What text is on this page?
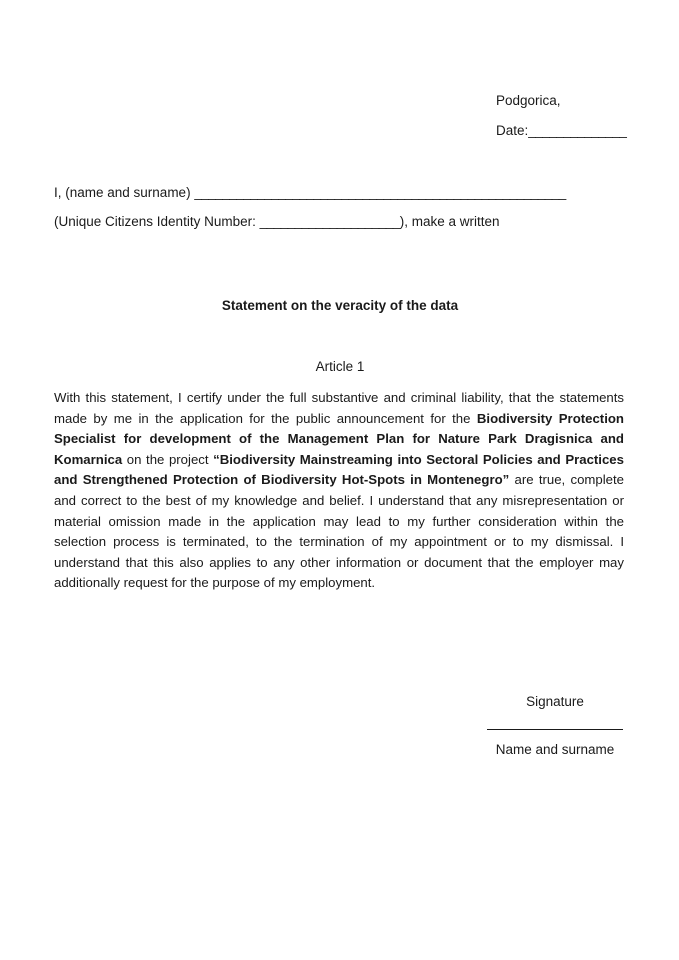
Podgorica,
Date:______________
I, (name and surname) _____________________________________________________
(Unique Citizens Identity Number: ____________________), make a written
Statement on the veracity of the data
Article 1
With this statement, I certify under the full substantive and criminal liability, that the statements made by me in the application for the public announcement for the Biodiversity Protection Specialist for development of the Management Plan for Nature Park Dragisnica and Komarnica on the project “Biodiversity Mainstreaming into Sectoral Policies and Practices and Strengthened Protection of Biodiversity Hot-Spots in Montenegro” are true, complete and correct to the best of my knowledge and belief. I understand that any misrepresentation or material omission made in the application may lead to my further consideration within the selection process is terminated, to the termination of my appointment or to my dismissal. I understand that this also applies to any other information or document that the employer may additionally request for the purpose of my employment.
Signature
Name and surname
